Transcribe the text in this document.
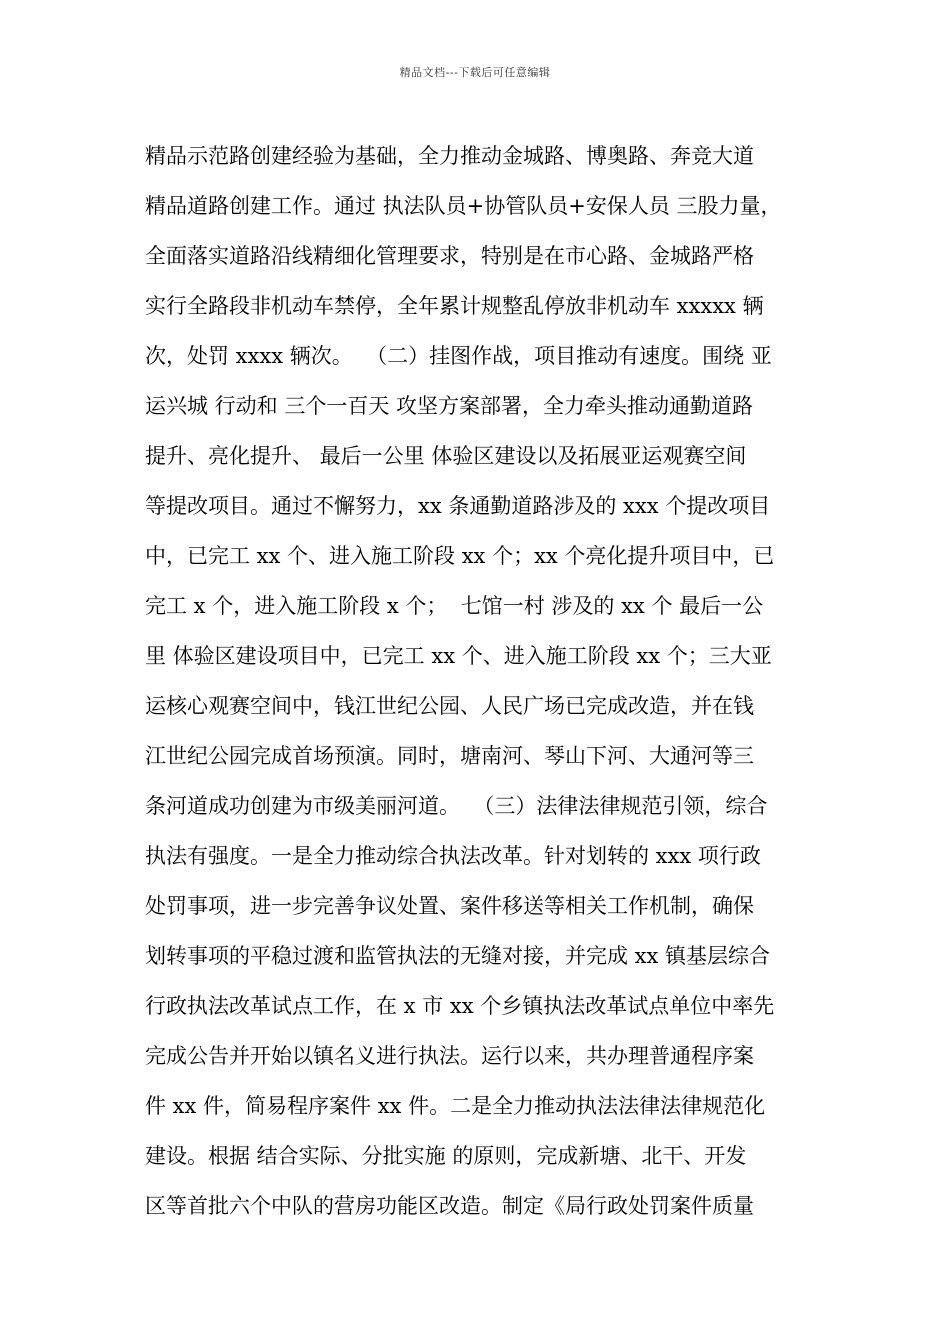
精品文档---下载后可任意编辑
精品示范路创建经验为基础，全力推动金城路、博奥路、奔竞大道
精品道路创建工作。通过 执法队员+协管队员+安保人员 三股力量，
全面落实道路沿线精细化管理要求，特别是在市心路、金城路严格
实行全路段非机动车禁停，全年累计规整乱停放非机动车 xxxxx 辆
次，处罚 xxxx 辆次。  （二）挂图作战，项目推动有速度。围绕 亚
运兴城 行动和 三个一百天 攻坚方案部署，全力牵头推动通勤道路
提升、亮化提升、 最后一公里 体验区建设以及拓展亚运观赛空间
等提改项目。通过不懈努力，xx 条通勤道路涉及的 xxx 个提改项目
中，已完工 xx 个、进入施工阶段 xx 个；xx 个亮化提升项目中，已
完工 x 个，进入施工阶段 x 个；  七馆一村 涉及的 xx 个 最后一公
里 体验区建设项目中，已完工 xx 个、进入施工阶段 xx 个；三大亚
运核心观赛空间中，钱江世纪公园、人民广场已完成改造，并在钱
江世纪公园完成首场预演。同时，塘南河、琴山下河、大通河等三
条河道成功创建为市级美丽河道。  （三）法律法律规范引领，综合
执法有强度。一是全力推动综合执法改革。针对划转的 xxx 项行政
处罚事项，进一步完善争议处置、案件移送等相关工作机制，确保
划转事项的平稳过渡和监管执法的无缝对接，并完成 xx 镇基层综合
行政执法改革试点工作，在 x 市 xx 个乡镇执法改革试点单位中率先
完成公告并开始以镇名义进行执法。运行以来，共办理普通程序案
件 xx 件，简易程序案件 xx 件。二是全力推动执法法律法律规范化
建设。根据 结合实际、分批实施 的原则，完成新塘、北干、开发
区等首批六个中队的营房功能区改造。制定《局行政处罚案件质量
